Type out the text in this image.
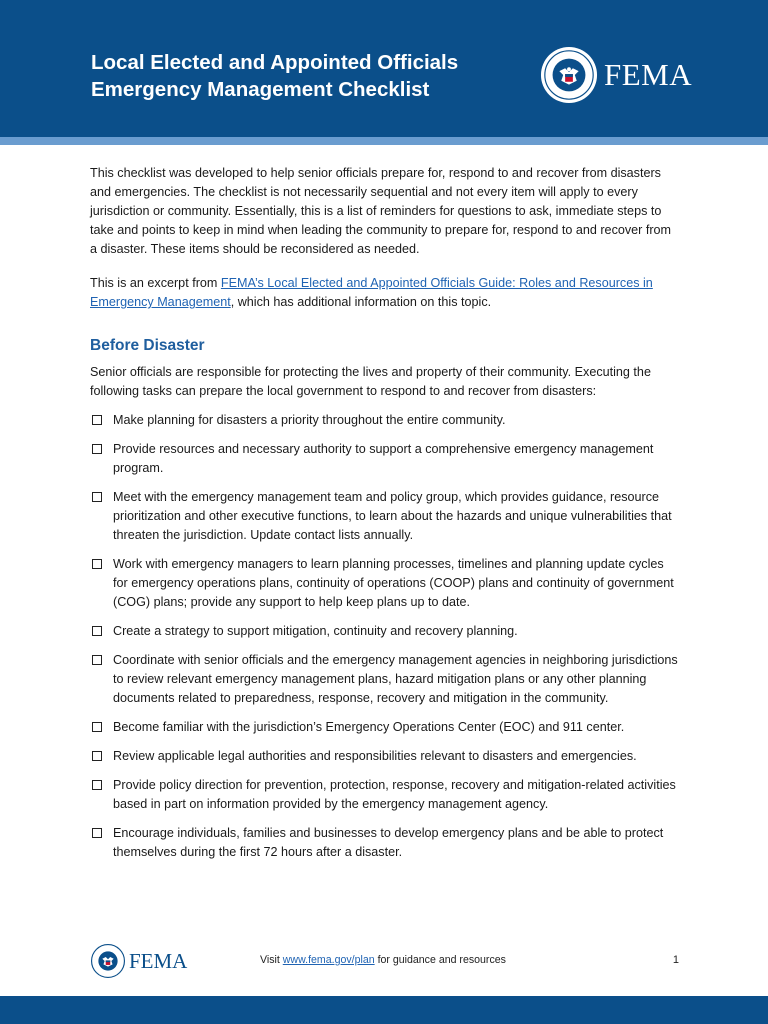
Local Elected and Appointed Officials
Emergency Management Checklist	FEMA

This checklist was developed to help senior officials prepare for, respond to and recover from disasters and emergencies. The checklist is not necessarily sequential and not every item will apply to every jurisdiction or community. Essentially, this is a list of reminders for questions to ask, immediate steps to take and points to keep in mind when leading the community to prepare for, respond to and recover from a disaster. These items should be reconsidered as needed.

This is an excerpt from FEMA’s Local Elected and Appointed Officials Guide: Roles and Resources in Emergency Management, which has additional information on this topic.

Before Disaster
Senior officials are responsible for protecting the lives and property of their community. Executing the following tasks can prepare the local government to respond to and recover from disasters:
Make planning for disasters a priority throughout the entire community.
Provide resources and necessary authority to support a comprehensive emergency management program.
Meet with the emergency management team and policy group, which provides guidance, resource prioritization and other executive functions, to learn about the hazards and unique vulnerabilities that threaten the jurisdiction. Update contact lists annually.
Work with emergency managers to learn planning processes, timelines and planning update cycles for emergency operations plans, continuity of operations (COOP) plans and continuity of government (COG) plans; provide any support to help keep plans up to date.
Create a strategy to support mitigation, continuity and recovery planning.
Coordinate with senior officials and the emergency management agencies in neighboring jurisdictions to review relevant emergency management plans, hazard mitigation plans or any other planning documents related to preparedness, response, recovery and mitigation in the community.
Become familiar with the jurisdiction’s Emergency Operations Center (EOC) and 911 center.
Review applicable legal authorities and responsibilities relevant to disasters and emergencies.
Provide policy direction for prevention, protection, response, recovery and mitigation-related activities based in part on information provided by the emergency management agency.
Encourage individuals, families and businesses to develop emergency plans and be able to protect themselves during the first 72 hours after a disaster.
FEMA	Visit www.fema.gov/plan for guidance and resources	1
